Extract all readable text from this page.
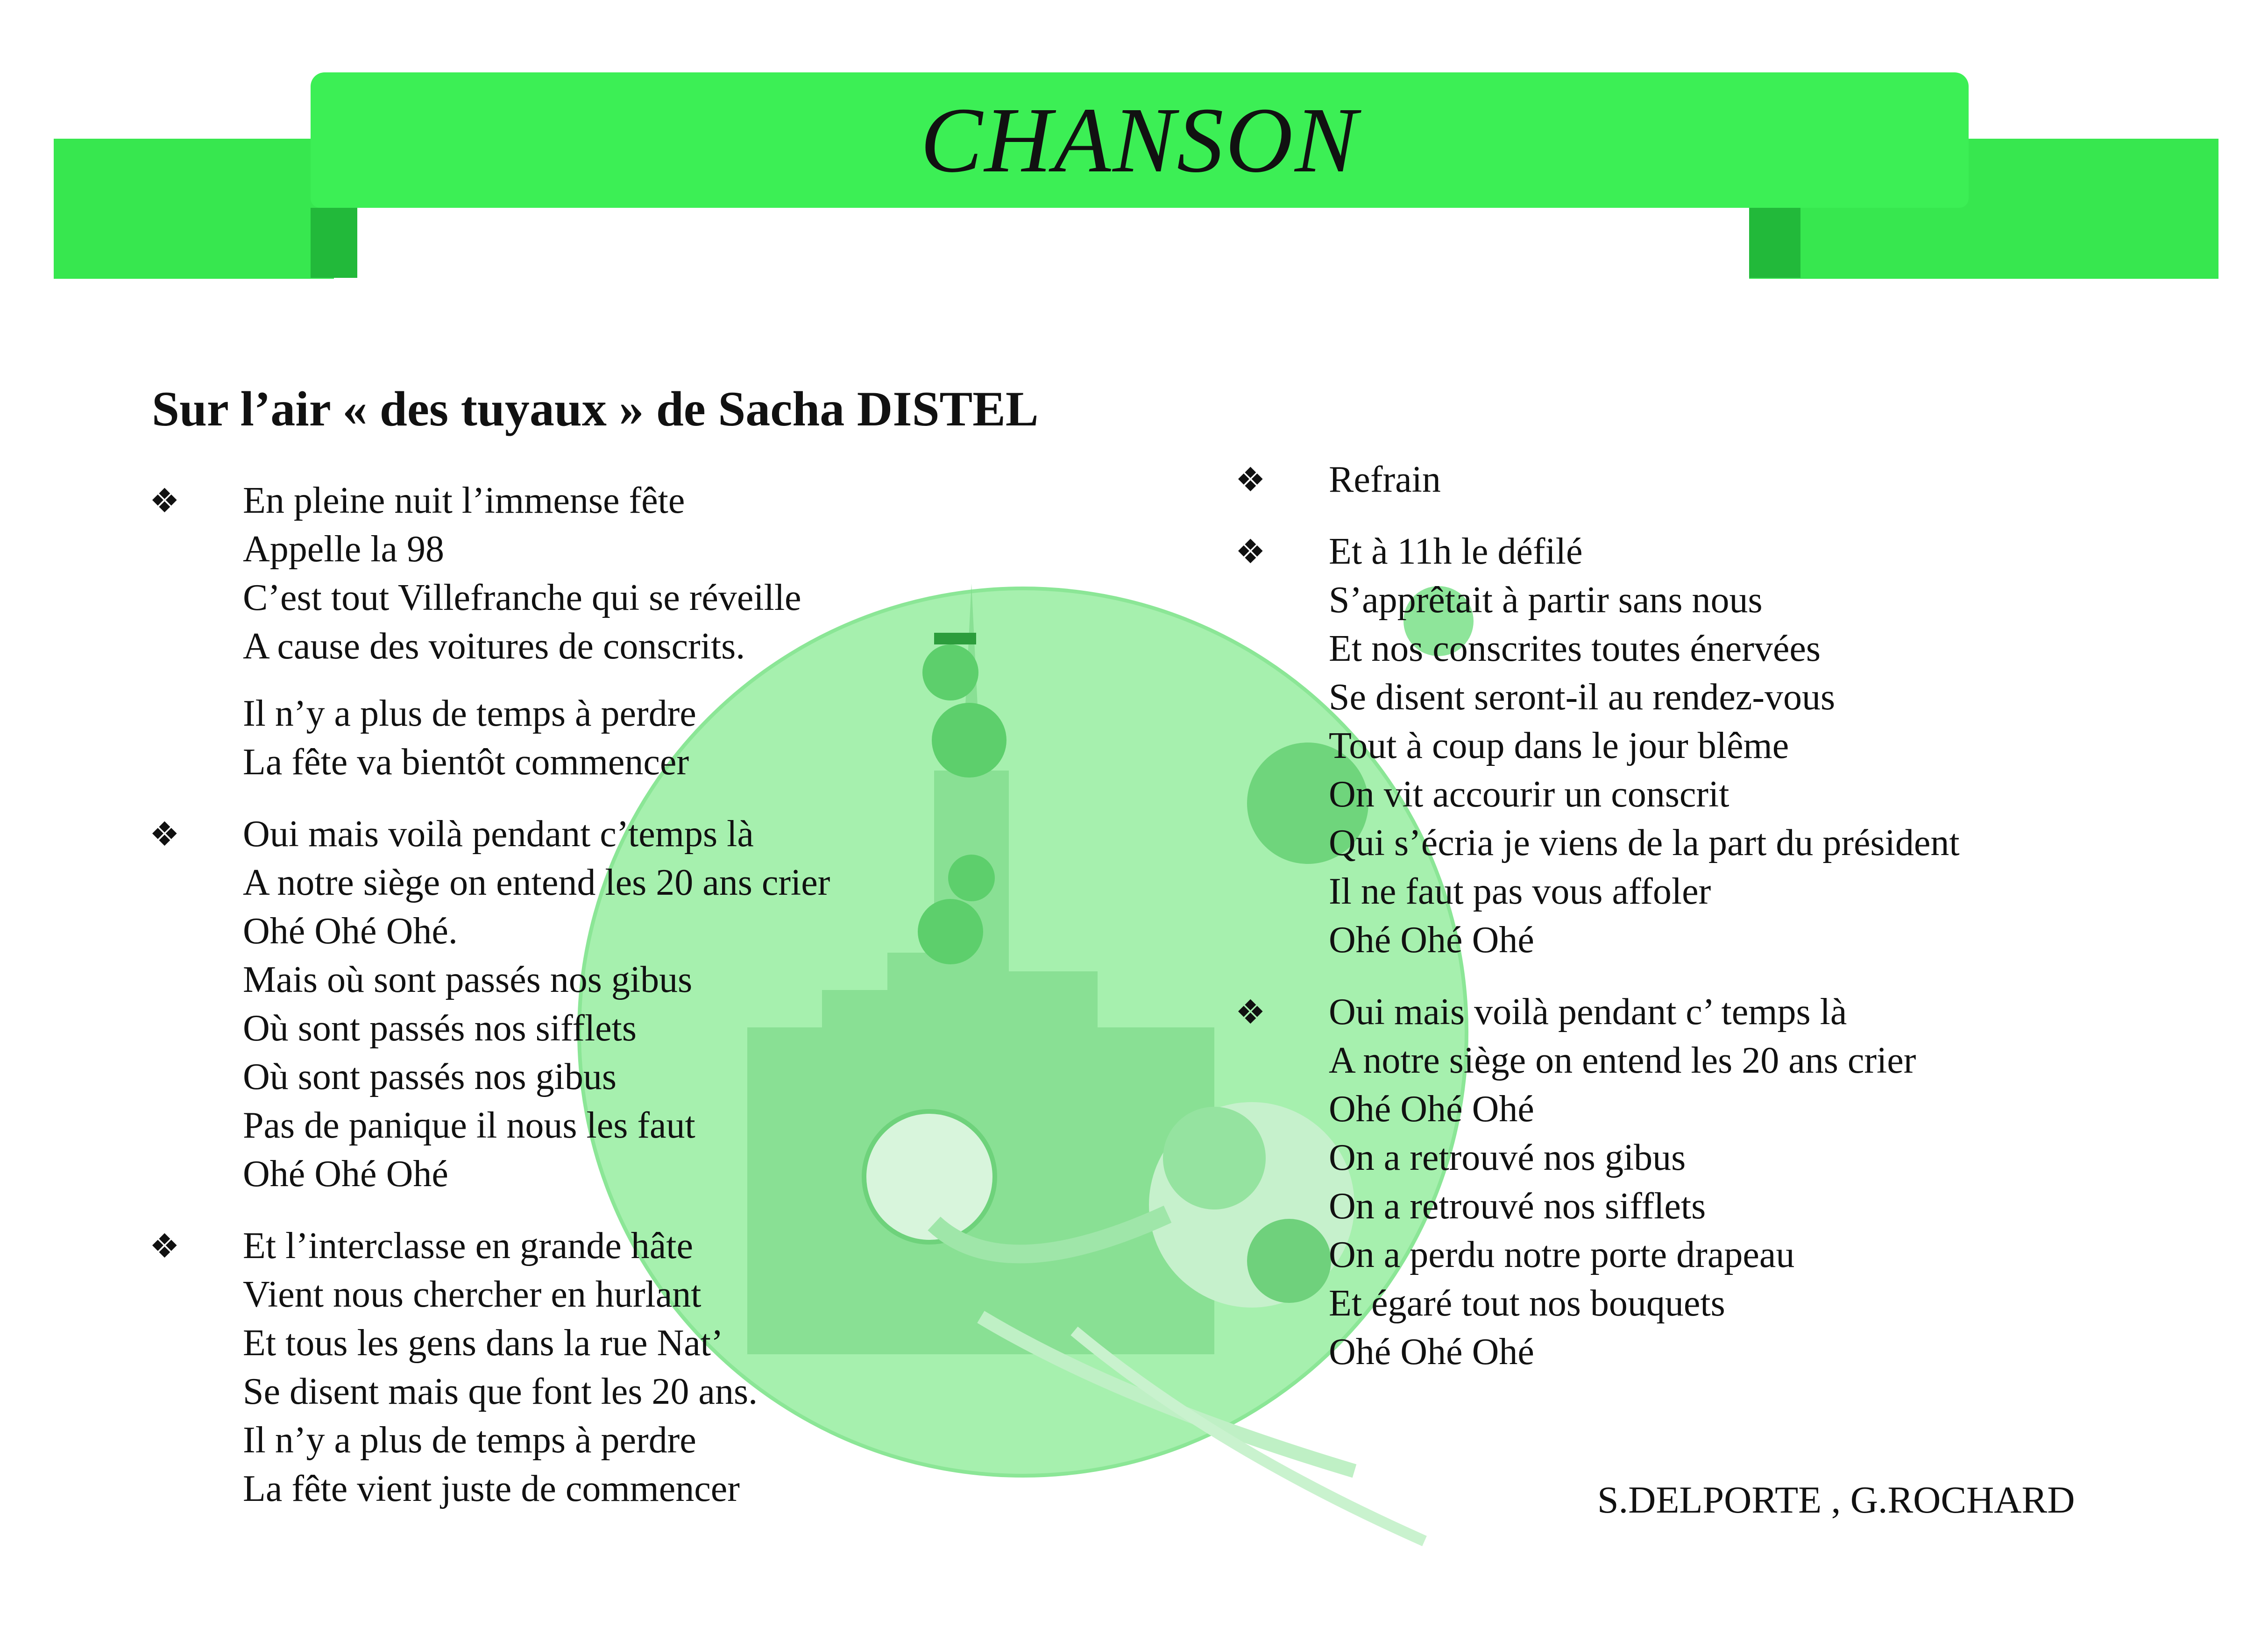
CHANSON
Sur l’air « des tuyaux » de Sacha DISTEL
❖ En pleine nuit l’immense fête
Appelle la 98
C’est tout Villefranche qui se réveille
A cause des voitures de conscrits.
Il n’y a plus de temps à perdre
La fête va bientôt commencer
❖ Oui mais voilà pendant c’temps là
A notre siège on entend les 20 ans crier
Ohé Ohé Ohé.
Mais où sont passés nos gibus
Où sont passés nos sifflets
Où sont passés nos gibus
Pas de panique il nous les faut
Ohé Ohé Ohé
❖ Et l’interclasse en grande hâte
Vient nous chercher en hurlant
Et tous les gens dans la rue Nat’
Se disent mais que font les 20 ans.
Il n’y a plus de temps à perdre
La fête vient juste de commencer
❖ Refrain
❖ Et à 11h le défilé
S’apprêtait à partir sans nous
Et nos conscrites toutes énervées
Se disent seront-il au rendez-vous
Tout à coup dans le jour blême
On vit accourir un conscrit
Qui s’écria je viens de la part du président
Il ne faut pas vous affoler
Ohé Ohé Ohé
❖ Oui mais voilà pendant c’ temps là
A notre siège on entend les 20 ans crier
Ohé Ohé Ohé
On a retrouvé nos gibus
On a retrouvé nos sifflets
On a perdu notre porte drapeau
Et égaré tout nos bouquets
Ohé Ohé Ohé
S.DELPORTE , G.ROCHARD
